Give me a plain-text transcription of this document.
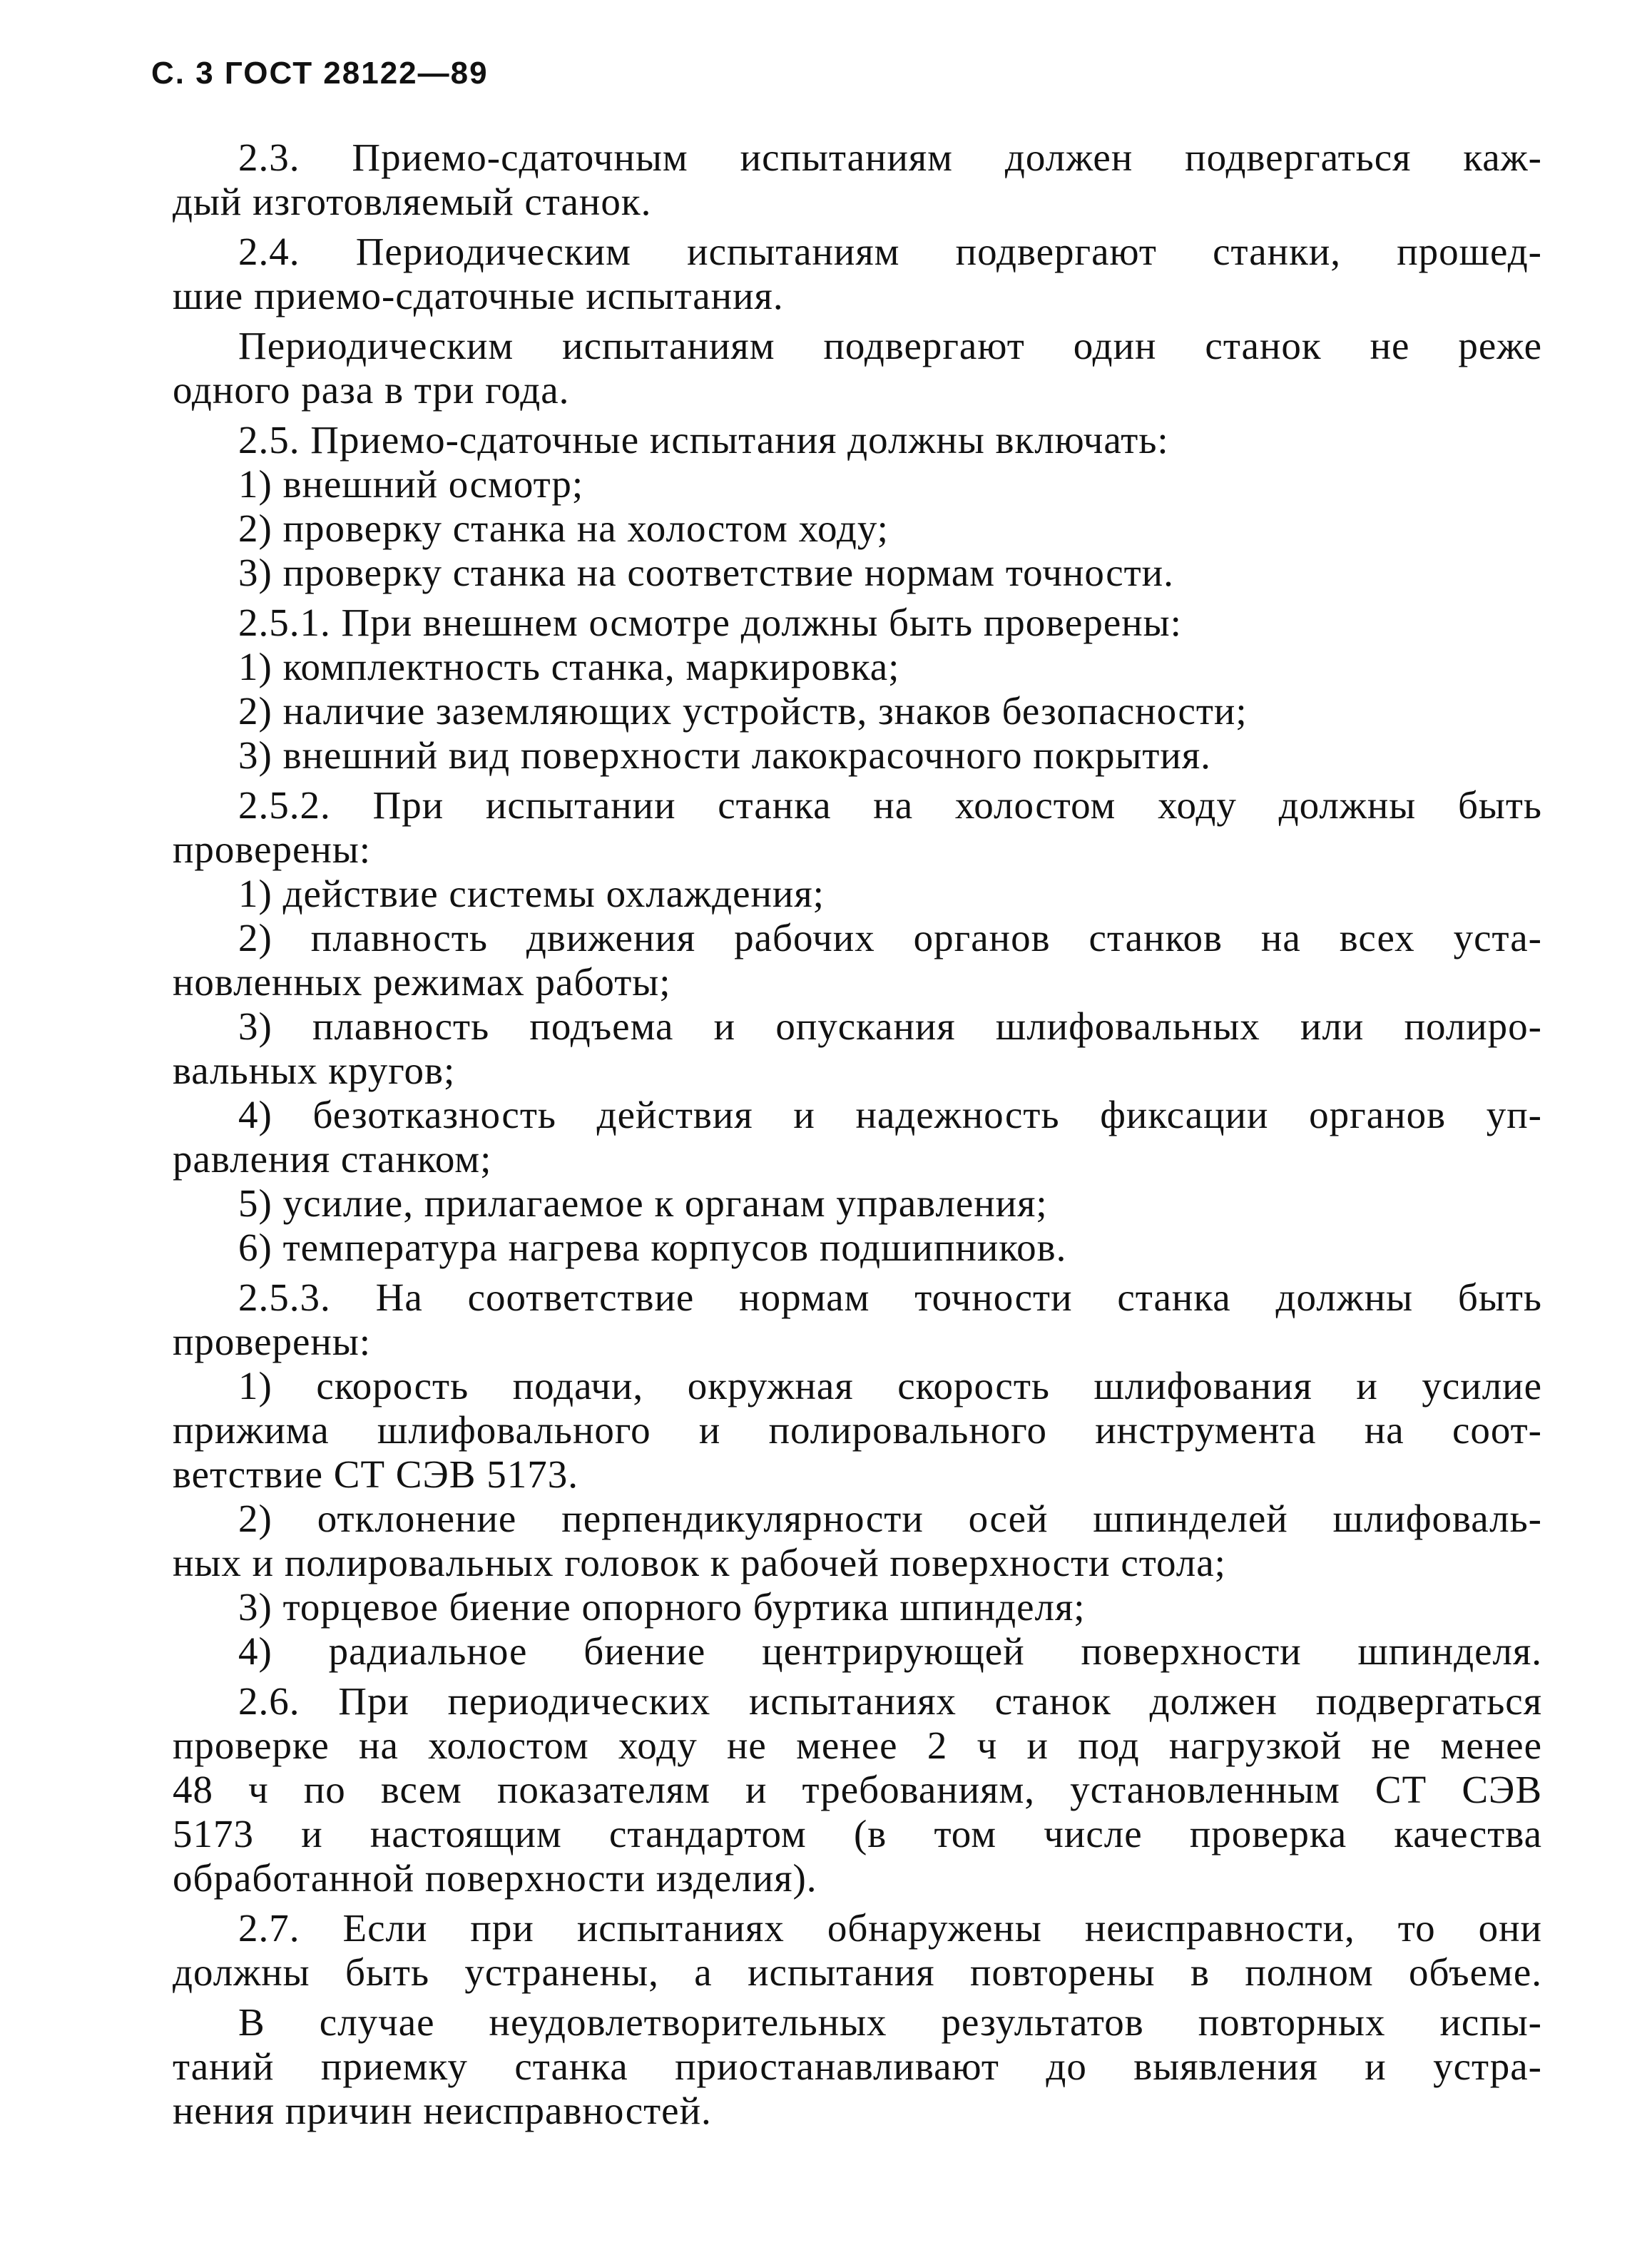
С. 3 ГОСТ 28122—89
2.3. Приемо-сдаточным испытаниям должен подвергаться каж-
дый изготовляемый станок.
2.4. Периодическим испытаниям подвергают станки, прошед-
шие приемо-сдаточные испытания.
Периодическим испытаниям подвергают один станок не реже
одного раза в три года.
2.5. Приемо-сдаточные испытания должны включать:
1) внешний осмотр;
2) проверку станка на холостом ходу;
3) проверку станка на соответствие нормам точности.
2.5.1. При внешнем осмотре должны быть проверены:
1) комплектность станка, маркировка;
2) наличие заземляющих устройств, знаков безопасности;
3) внешний вид поверхности лакокрасочного покрытия.
2.5.2. При испытании станка на холостом ходу должны быть
проверены:
1) действие системы охлаждения;
2) плавность движения рабочих органов станков на всех уста-
новленных режимах работы;
3) плавность подъема и опускания шлифовальных или полиро-
вальных кругов;
4) безотказность действия и надежность фиксации органов уп-
равления станком;
5) усилие, прилагаемое к органам управления;
6) температура нагрева корпусов подшипников.
2.5.3. На соответствие нормам точности станка должны быть
проверены:
1) скорость подачи, окружная скорость шлифования и усилие
прижима шлифовального и полировального инструмента на соот-
ветствие СТ СЭВ 5173.
2) отклонение перпендикулярности осей шпинделей шлифоваль-
ных и полировальных головок к рабочей поверхности стола;
3) торцевое биение опорного буртика шпинделя;
4) радиальное биение центрирующей поверхности шпинделя.
2.6. При периодических испытаниях станок должен подвергаться
проверке на холостом ходу не менее 2 ч и под нагрузкой не менее
48 ч по всем показателям и требованиям, установленным СТ СЭВ
5173 и настоящим стандартом (в том числе проверка качества
обработанной поверхности изделия).
2.7. Если при испытаниях обнаружены неисправности, то они
должны быть устранены, а испытания повторены в полном объеме.
В случае неудовлетворительных результатов повторных испы-
таний приемку станка приостанавливают до выявления и устра-
нения причин неисправностей.
